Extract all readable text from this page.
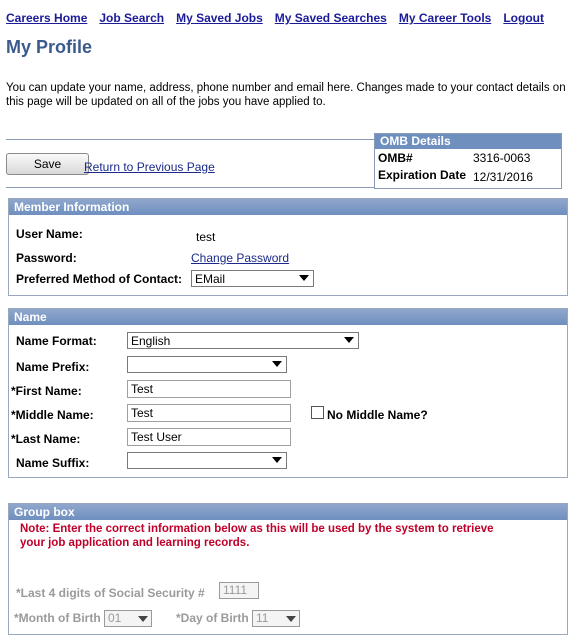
Careers Home Job Search My Saved Jobs My Saved Searches My Career Tools Logout
My Profile
You can update your name, address, phone number and email here. Changes made to your contact details on this page will be updated on all of the jobs you have applied to.
Save	Return to Previous Page
OMB Details
OMB#	3316-0063
Expiration Date 12/31/2016
Member Information
User Name:	test
Password:	Change Password
Preferred Method of Contact:	EMail
Name
Name Format:	English
Name Prefix:
*First Name:	Test
*Middle Name:	Test	No Middle Name?
*Last Name:	Test User
Name Suffix:
Group box
Note: Enter the correct information below as this will be used by the system to retrieve your job application and learning records.
*Last 4 digits of Social Security #	1111
*Month of Birth 01	*Day of Birth 11
